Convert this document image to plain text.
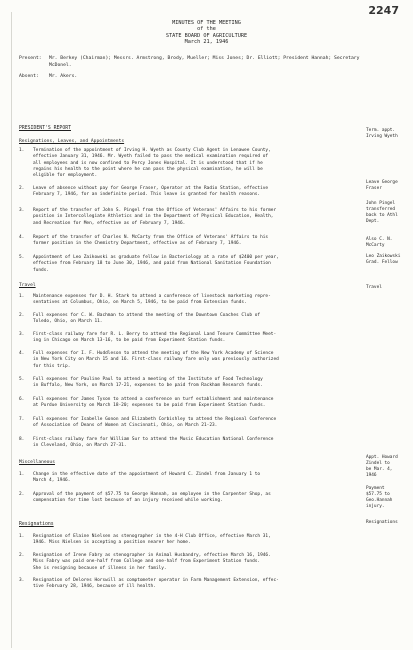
2247
MINUTES OF THE MEETING
of the
STATE BOARD OF AGRICULTURE
March 21, 1946
Present: Mr. Berkey (Chairman); Messrs. Armstrong, Brody, Mueller; Miss Jones; Dr. Elliott; President Hannah; Secretary McDonel.
Absent: Mr. Akers.
PRESIDENT'S REPORT
Resignations, Leaves, and Appointments
1. Termination of the appointment of Irving H. Wyeth as County Club Agent in Lenawee County,
effective January 31, 1946. Mr. Wyeth failed to pass the medical examination required of
all employees and is now confined to Percy Jones Hospital. It is understood that if he
regains his health to the point where he can pass the physical examination, he will be
eligible for employment.
2. Leave of absence without pay for George Fraser, Operator at the Radio Station, effective
February 7, 1946, for an indefinite period. This leave is granted for health reasons.
3. Report of the transfer of John S. Pingel from the Office of Veterans' Affairs to his former
position in Intercollegiate Athletics and in the Department of Physical Education, Health,
and Recreation for Men, effective as of February 7, 1946.
4. Report of the transfer of Charles N. McCarty from the Office of Veterans' Affairs to his
former position in the Chemistry Department, effective as of February 7, 1946.
5. Appointment of Leo Zaikowski as graduate fellow in Bacteriology at a rate of $2400 per year,
effective from February 18 to June 30, 1946, and paid from National Sanitation Foundation
funds.
Travel
1. Maintenance expenses for D. H. Stark to attend a conference of livestock marketing repre-
sentatives at Columbus, Ohio, on March 5, 1946, to be paid from Extension funds.
2. Full expenses for C. W. Bachman to attend the meeting of the Downtown Coaches Club of
Toledo, Ohio, on March 11.
3. First-class railway fare for R. L. Berry to attend the Regional Land Tenure Committee Meet-
ing in Chicago on March 13-16, to be paid from Experiment Station funds.
4. Full expenses for I. F. Huddleson to attend the meeting of the New York Academy of Science
in New York City on March 15 and 16. First-class railway fare only was previously authorized
for this trip.
5. Full expenses for Pauline Paul to attend a meeting of the Institute of Food Technology
in Buffalo, New York, on March 17-21, expenses to be paid from Rackham Research funds.
6. Full expenses for James Tyson to attend a conference on turf establishment and maintenance
at Purdue University on March 18-20; expenses to be paid from Experiment Station funds.
7. Full expenses for Isabelle Gonon and Elizabeth Corbishley to attend the Regional Conference
of Association of Deans of Women at Cincinnati, Ohio, on March 21-23.
8. First-class railway fare for William Sur to attend the Music Education National Conference
in Cleveland, Ohio, on March 27-31.
Miscellaneous
1. Change in the effective date of the appointment of Howard C. Zindel from January 1 to
March 4, 1946.
2. Approval of the payment of $57.75 to George Hannah, an employee in the Carpenter Shop, as
compensation for time lost because of an injury received while working.
Resignations
1. Resignation of Elaine Nielsen as stenographer in the 4-H Club Office, effective March 31,
1946. Miss Nielsen is accepting a position nearer her home.
2. Resignation of Irene Fabry as stenographer in Animal Husbandry, effective March 16, 1946.
Miss Fabry was paid one-half from College and one-half from Experiment Station funds.
She is resigning because of illness in her family.
3. Resignation of Delores Horswill as comptometer operator in Farm Management Extension, effec-
tive February 28, 1946, because of ill health.
Term. appt.
Irving Wyeth
Leave George
Fraser
John Pingel
transferred
back to Athl
Dept.
Also C. N.
McCarty
Leo Zaikowski
Grad. Fellow
Travel
Appt. Howard
Zindel to
be Mar. 4,
1946
Payment
$57.75 to
Geo.Hannah
injury.
Resignations
